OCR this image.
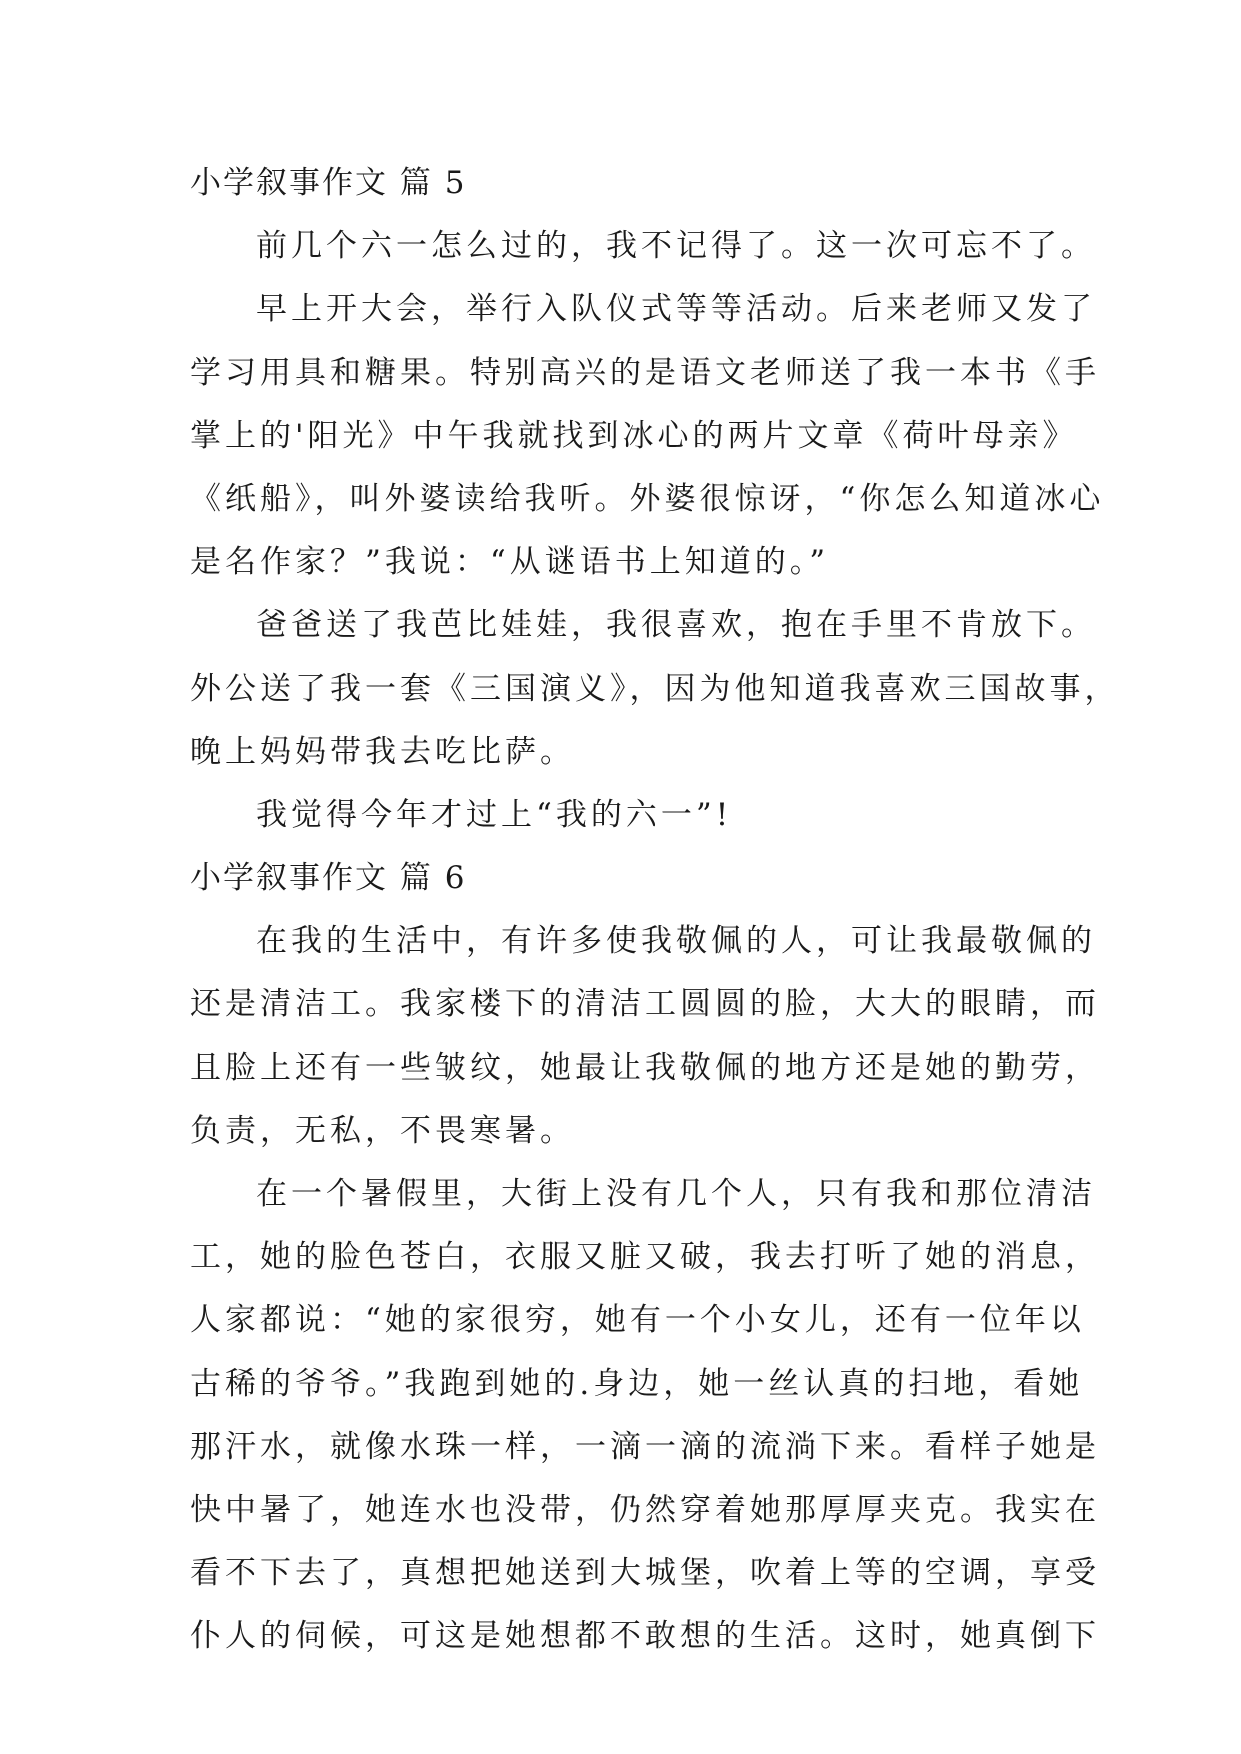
小学叙事作文 篇 5
前几个六一怎么过的，我不记得了。这一次可忘不了。
早上开大会，举行入队仪式等等活动。后来老师又发了
学习用具和糖果。特别高兴的是语文老师送了我一本书《手
掌上的'阳光》中午我就找到冰心的两片文章《荷叶母亲》
《纸船》，叫外婆读给我听。外婆很惊讶，“你怎么知道冰心
是名作家？”我说：“从谜语书上知道的。”
爸爸送了我芭比娃娃，我很喜欢，抱在手里不肯放下。
外公送了我一套《三国演义》，因为他知道我喜欢三国故事，
晚上妈妈带我去吃比萨。
我觉得今年才过上“我的六一”!
小学叙事作文 篇 6
在我的生活中，有许多使我敬佩的人，可让我最敬佩的
还是清洁工。我家楼下的清洁工圆圆的脸，大大的眼睛，而
且脸上还有一些皱纹，她最让我敬佩的地方还是她的勤劳，
负责，无私，不畏寒暑。
在一个暑假里，大街上没有几个人，只有我和那位清洁
工，她的脸色苍白，衣服又脏又破，我去打听了她的消息，
人家都说：“她的家很穷，她有一个小女儿，还有一位年以
古稀的爷爷。”我跑到她的.身边，她一丝认真的扫地，看她
那汗水，就像水珠一样，一滴一滴的流淌下来。看样子她是
快中暑了，她连水也没带，仍然穿着她那厚厚夹克。我实在
看不下去了，真想把她送到大城堡，吹着上等的空调，享受
仆人的伺候，可这是她想都不敢想的生活。这时，她真倒下
